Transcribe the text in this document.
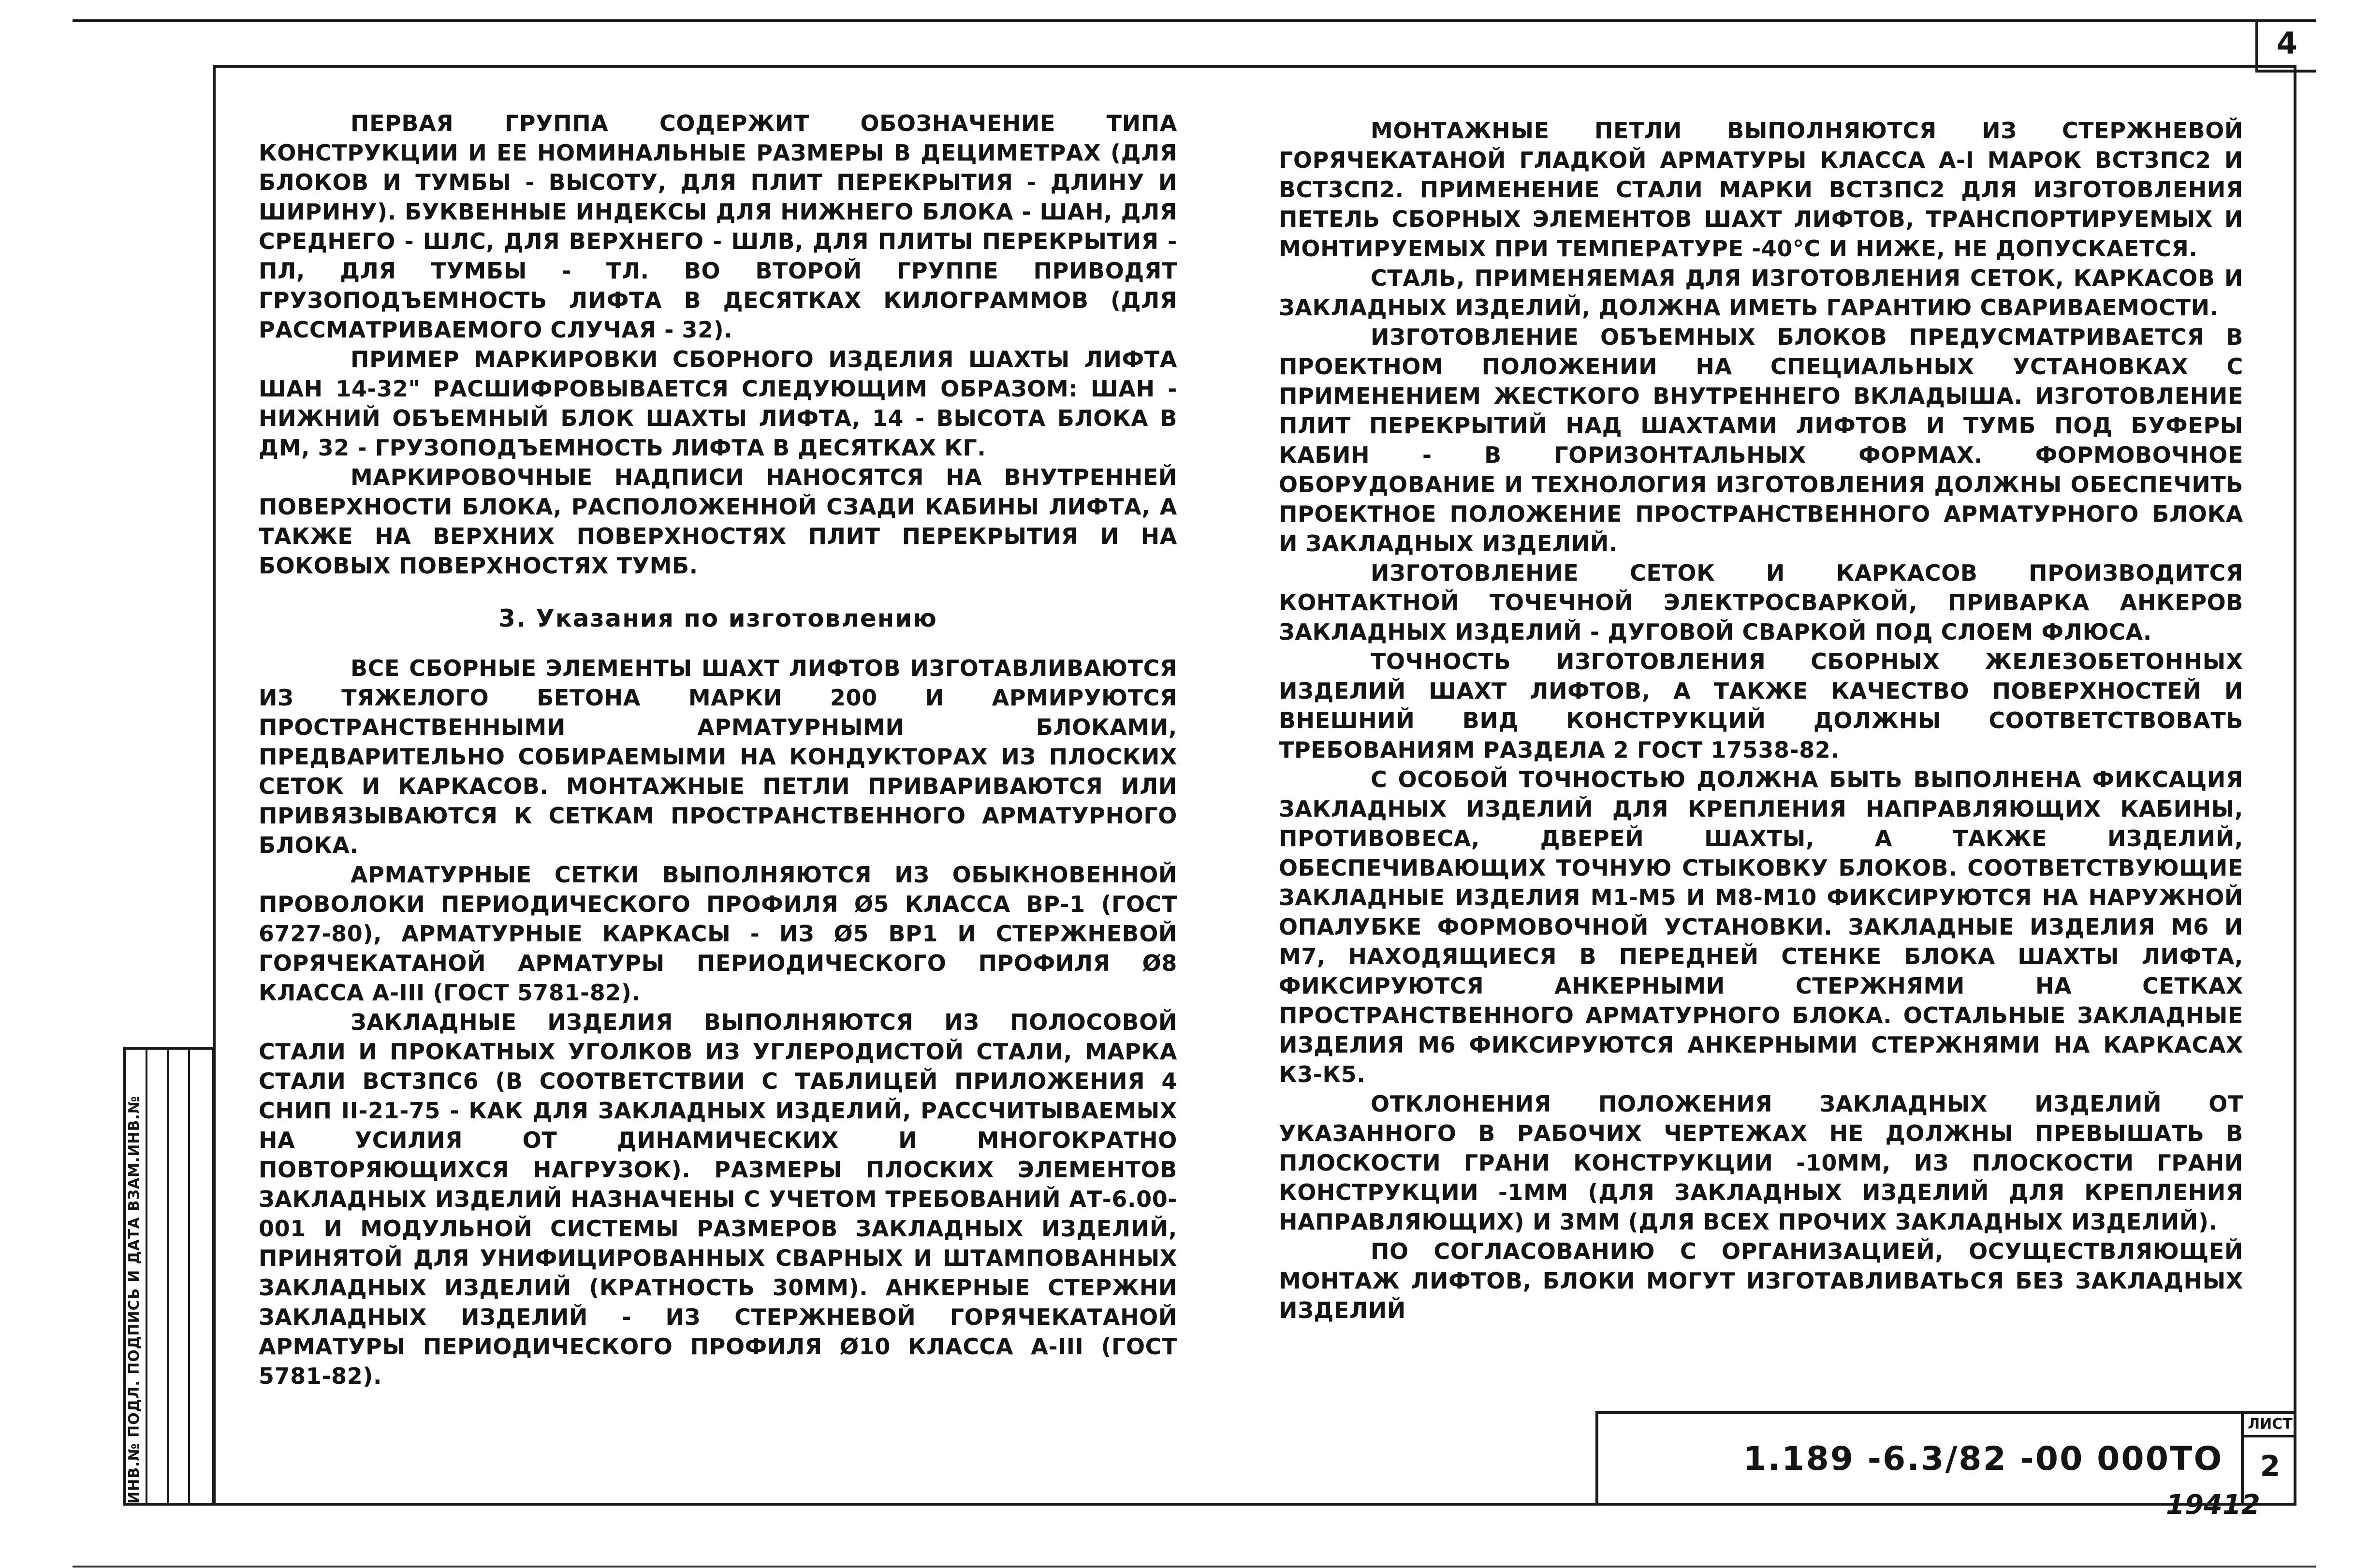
4
ИНВ.№ ПОДЛ. ПОДПИСЬ И ДАТА ВЗАМ.ИНВ.№

ПЕРВАЯ ГРУППА СОДЕРЖИТ ОБОЗНАЧЕНИЕ ТИПА КОНСТРУКЦИИ И ЕЕ НОМИНАЛЬНЫЕ РАЗМЕРЫ В ДЕЦИМЕТРАХ (ДЛЯ БЛОКОВ И ТУМБЫ - ВЫСОТУ, ДЛЯ ПЛИТ ПЕРЕКРЫТИЯ - ДЛИНУ И ШИРИНУ). БУКВЕННЫЕ ИНДЕКСЫ ДЛЯ НИЖНЕГО БЛОКА - ШАН, ДЛЯ СРЕДНЕГО - ШЛС, ДЛЯ ВЕРХНЕГО - ШЛВ, ДЛЯ ПЛИТЫ ПЕРЕКРЫТИЯ - ПЛ, ДЛЯ ТУМБЫ - ТЛ. ВО ВТОРОЙ ГРУППЕ ПРИВОДЯТ ГРУЗОПОДЪЕМНОСТЬ ЛИФТА В ДЕСЯТКАХ КИЛОГРАММОВ (ДЛЯ РАССМАТРИВАЕМОГО СЛУЧАЯ - 32).

ПРИМЕР МАРКИРОВКИ СБОРНОГО ИЗДЕЛИЯ ШАХТЫ ЛИФТА ШАН 14-32" РАСШИФРОВЫВАЕТСЯ СЛЕДУЮЩИМ ОБРАЗОМ: ШАН - НИЖНИЙ ОБЪЕМНЫЙ БЛОК ШАХТЫ ЛИФТА, 14 - ВЫСОТА БЛОКА В ДМ, 32 - ГРУЗОПОДЪЕМНОСТЬ ЛИФТА В ДЕСЯТКАХ КГ.

МАРКИРОВОЧНЫЕ НАДПИСИ НАНОСЯТСЯ НА ВНУТРЕННЕЙ ПОВЕРХНОСТИ БЛОКА, РАСПОЛОЖЕННОЙ СЗАДИ КАБИНЫ ЛИФТА, А ТАКЖЕ НА ВЕРХНИХ ПОВЕРХНОСТЯХ ПЛИТ ПЕРЕКРЫТИЯ И НА БОКОВЫХ ПОВЕРХНОСТЯХ ТУМБ.

3. Указания по изготовлению

ВСЕ СБОРНЫЕ ЭЛЕМЕНТЫ ШАХТ ЛИФТОВ ИЗГОТАВЛИВАЮТСЯ ИЗ ТЯЖЕЛОГО БЕТОНА МАРКИ 200 И АРМИРУЮТСЯ ПРОСТРАНСТВЕННЫМИ АРМАТУРНЫМИ БЛОКАМИ, ПРЕДВАРИТЕЛЬНО СОБИРАЕМЫМИ НА КОНДУКТОРАХ ИЗ ПЛОСКИХ СЕТОК И КАРКАСОВ. МОНТАЖНЫЕ ПЕТЛИ ПРИВАРИВАЮТСЯ ИЛИ ПРИВЯЗЫВАЮТСЯ К СЕТКАМ ПРОСТРАНСТВЕННОГО АРМАТУРНОГО БЛОКА.

АРМАТУРНЫЕ СЕТКИ ВЫПОЛНЯЮТСЯ ИЗ ОБЫКНОВЕННОЙ ПРОВОЛОКИ ПЕРИОДИЧЕСКОГО ПРОФИЛЯ Ø5 КЛАССА ВР-1 (ГОСТ 6727-80), АРМАТУРНЫЕ КАРКАСЫ - ИЗ Ø5 ВР1 И СТЕРЖНЕВОЙ ГОРЯЧЕКАТАНОЙ АРМАТУРЫ ПЕРИОДИЧЕСКОГО ПРОФИЛЯ Ø8 КЛАССА А-III (ГОСТ 5781-82).

ЗАКЛАДНЫЕ ИЗДЕЛИЯ ВЫПОЛНЯЮТСЯ ИЗ ПОЛОСОВОЙ СТАЛИ И ПРОКАТНЫХ УГОЛКОВ ИЗ УГЛЕРОДИСТОЙ СТАЛИ, МАРКА СТАЛИ ВСТ3ПС6 (В СООТВЕТСТВИИ С ТАБЛИЦЕЙ ПРИЛОЖЕНИЯ 4 СНИП II-21-75 - КАК ДЛЯ ЗАКЛАДНЫХ ИЗДЕЛИЙ, РАССЧИТЫВАЕМЫХ НА УСИЛИЯ ОТ ДИНАМИЧЕСКИХ И МНОГОКРАТНО ПОВТОРЯЮЩИХСЯ НАГРУЗОК). РАЗМЕРЫ ПЛОСКИХ ЭЛЕМЕНТОВ ЗАКЛАДНЫХ ИЗДЕЛИЙ НАЗНАЧЕНЫ С УЧЕТОМ ТРЕБОВАНИЙ АТ-6.00-001 И МОДУЛЬНОЙ СИСТЕМЫ РАЗМЕРОВ ЗАКЛАДНЫХ ИЗДЕЛИЙ, ПРИНЯТОЙ ДЛЯ УНИФИЦИРОВАННЫХ СВАРНЫХ И ШТАМПОВАННЫХ ЗАКЛАДНЫХ ИЗДЕЛИЙ (КРАТНОСТЬ 30ММ). АНКЕРНЫЕ СТЕРЖНИ ЗАКЛАДНЫХ ИЗДЕЛИЙ - ИЗ СТЕРЖНЕВОЙ ГОРЯЧЕКАТАНОЙ АРМАТУРЫ ПЕРИОДИЧЕСКОГО ПРОФИЛЯ Ø10 КЛАССА А-III (ГОСТ 5781-82).

МОНТАЖНЫЕ ПЕТЛИ ВЫПОЛНЯЮТСЯ ИЗ СТЕРЖНЕВОЙ ГОРЯЧЕКАТАНОЙ ГЛАДКОЙ АРМАТУРЫ КЛАССА А-I МАРОК ВСТ3ПС2 И ВСТ3СП2. ПРИМЕНЕНИЕ СТАЛИ МАРКИ ВСТ3ПС2 ДЛЯ ИЗГОТОВЛЕНИЯ ПЕТЕЛЬ СБОРНЫХ ЭЛЕМЕНТОВ ШАХТ ЛИФТОВ, ТРАНСПОРТИРУЕМЫХ И МОНТИРУЕМЫХ ПРИ ТЕМПЕРАТУРЕ -40°С И НИЖЕ, НЕ ДОПУСКАЕТСЯ.

СТАЛЬ, ПРИМЕНЯЕМАЯ ДЛЯ ИЗГОТОВЛЕНИЯ СЕТОК, КАРКАСОВ И ЗАКЛАДНЫХ ИЗДЕЛИЙ, ДОЛЖНА ИМЕТЬ ГАРАНТИЮ СВАРИВАЕМОСТИ.

ИЗГОТОВЛЕНИЕ ОБЪЕМНЫХ БЛОКОВ ПРЕДУСМАТРИВАЕТСЯ В ПРОЕКТНОМ ПОЛОЖЕНИИ НА СПЕЦИАЛЬНЫХ УСТАНОВКАХ С ПРИМЕНЕНИЕМ ЖЕСТКОГО ВНУТРЕННЕГО ВКЛАДЫША. ИЗГОТОВЛЕНИЕ ПЛИТ ПЕРЕКРЫТИЙ НАД ШАХТАМИ ЛИФТОВ И ТУМБ ПОД БУФЕРЫ КАБИН - В ГОРИЗОНТАЛЬНЫХ ФОРМАХ. ФОРМОВОЧНОЕ ОБОРУДОВАНИЕ И ТЕХНОЛОГИЯ ИЗГОТОВЛЕНИЯ ДОЛЖНЫ ОБЕСПЕЧИТЬ ПРОЕКТНОЕ ПОЛОЖЕНИЕ ПРОСТРАНСТВЕННОГО АРМАТУРНОГО БЛОКА И ЗАКЛАДНЫХ ИЗДЕЛИЙ.

ИЗГОТОВЛЕНИЕ СЕТОК И КАРКАСОВ ПРОИЗВОДИТСЯ КОНТАКТНОЙ ТОЧЕЧНОЙ ЭЛЕКТРОСВАРКОЙ, ПРИВАРКА АНКЕРОВ ЗАКЛАДНЫХ ИЗДЕЛИЙ - ДУГОВОЙ СВАРКОЙ ПОД СЛОЕМ ФЛЮСА.

ТОЧНОСТЬ ИЗГОТОВЛЕНИЯ СБОРНЫХ ЖЕЛЕЗОБЕТОННЫХ ИЗДЕЛИЙ ШАХТ ЛИФТОВ, А ТАКЖЕ КАЧЕСТВО ПОВЕРХНОСТЕЙ И ВНЕШНИЙ ВИД КОНСТРУКЦИЙ ДОЛЖНЫ СООТВЕТСТВОВАТЬ ТРЕБОВАНИЯМ РАЗДЕЛА 2 ГОСТ 17538-82.

С ОСОБОЙ ТОЧНОСТЬЮ ДОЛЖНА БЫТЬ ВЫПОЛНЕНА ФИКСАЦИЯ ЗАКЛАДНЫХ ИЗДЕЛИЙ ДЛЯ КРЕПЛЕНИЯ НАПРАВЛЯЮЩИХ КАБИНЫ, ПРОТИВОВЕСА, ДВЕРЕЙ ШАХТЫ, А ТАКЖЕ ИЗДЕЛИЙ, ОБЕСПЕЧИВАЮЩИХ ТОЧНУЮ СТЫКОВКУ БЛОКОВ. СООТВЕТСТВУЮЩИЕ ЗАКЛАДНЫЕ ИЗДЕЛИЯ М1-М5 И М8-М10 ФИКСИРУЮТСЯ НА НАРУЖНОЙ ОПАЛУБКЕ ФОРМОВОЧНОЙ УСТАНОВКИ. ЗАКЛАДНЫЕ ИЗДЕЛИЯ М6 И М7, НАХОДЯЩИЕСЯ В ПЕРЕДНЕЙ СТЕНКЕ БЛОКА ШАХТЫ ЛИФТА, ФИКСИРУЮТСЯ АНКЕРНЫМИ СТЕРЖНЯМИ НА СЕТКАХ ПРОСТРАНСТВЕННОГО АРМАТУРНОГО БЛОКА. ОСТАЛЬНЫЕ ЗАКЛАДНЫЕ ИЗДЕЛИЯ М6 ФИКСИРУЮТСЯ АНКЕРНЫМИ СТЕРЖНЯМИ НА КАРКАСАХ К3-К5.

ОТКЛОНЕНИЯ ПОЛОЖЕНИЯ ЗАКЛАДНЫХ ИЗДЕЛИЙ ОТ УКАЗАННОГО В РАБОЧИХ ЧЕРТЕЖАХ НЕ ДОЛЖНЫ ПРЕВЫШАТЬ В ПЛОСКОСТИ ГРАНИ КОНСТРУКЦИИ -10ММ, ИЗ ПЛОСКОСТИ ГРАНИ КОНСТРУКЦИИ -1ММ (ДЛЯ ЗАКЛАДНЫХ ИЗДЕЛИЙ ДЛЯ КРЕПЛЕНИЯ НАПРАВЛЯЮЩИХ) И 3ММ (ДЛЯ ВСЕХ ПРОЧИХ ЗАКЛАДНЫХ ИЗДЕЛИЙ).

ПО СОГЛАСОВАНИЮ С ОРГАНИЗАЦИЕЙ, ОСУЩЕСТВЛЯЮЩЕЙ МОНТАЖ ЛИФТОВ, БЛОКИ МОГУТ ИЗГОТАВЛИВАТЬСЯ БЕЗ ЗАКЛАДНЫХ ИЗДЕЛИЙ

1.189 -6.3/82 -00 000ТО
ЛИСТ
2
19412
